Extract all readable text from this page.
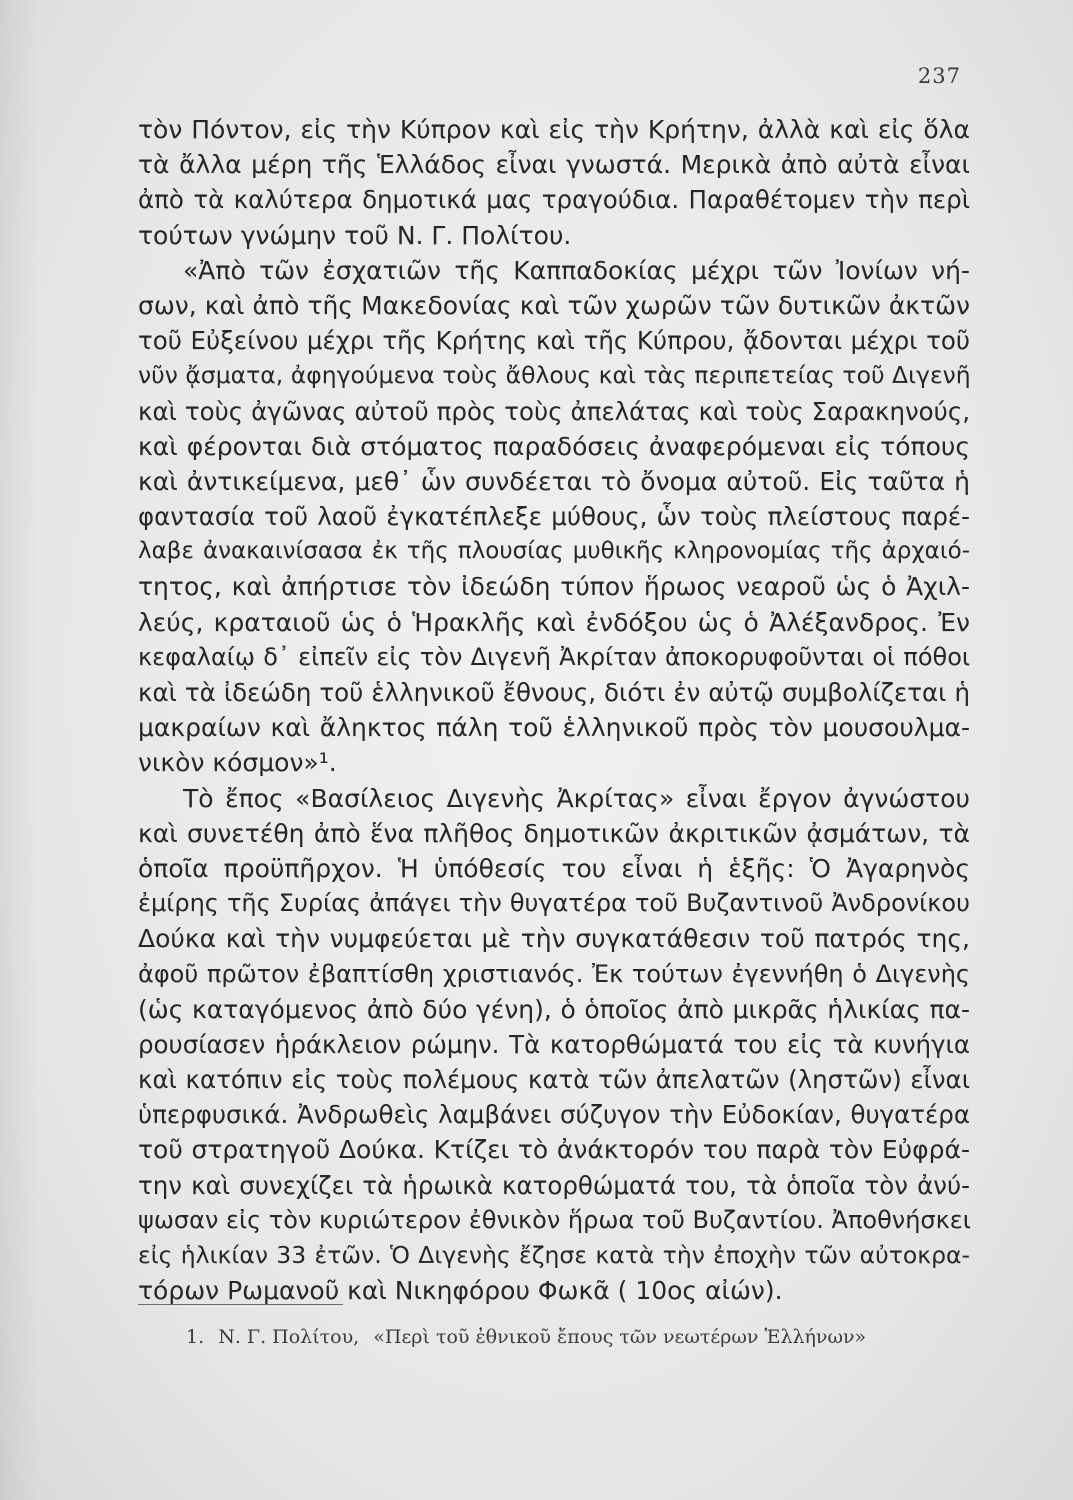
237
τὸν Πόντον, εἰς τὴν Κύπρον καὶ εἰς τὴν Κρήτην, ἀλλὰ καὶ εἰς ὅλα
τὰ ἄλλα μέρη τῆς Ἑλλάδος εἶναι γνωστά. Μερικὰ ἀπὸ αὐτὰ εἶναι
ἀπὸ τὰ καλύτερα δημοτικά μας τραγούδια. Παραθέτομεν τὴν περὶ
τούτων γνώμην τοῦ Ν. Γ. Πολίτου.
«Ἀπὸ τῶν ἐσχατιῶν τῆς Καππαδοκίας μέχρι τῶν Ἰονίων νή-
σων, καὶ ἀπὸ τῆς Μακεδονίας καὶ τῶν χωρῶν τῶν δυτικῶν ἀκτῶν
τοῦ Εὐξείνου μέχρι τῆς Κρήτης καὶ τῆς Κύπρου, ᾄδονται μέχρι τοῦ
νῦν ᾄσματα, ἀφηγούμενα τοὺς ἄθλους καὶ τὰς περιπετείας τοῦ Διγενῆ
καὶ τοὺς ἀγῶνας αὐτοῦ πρὸς τοὺς ἀπελάτας καὶ τοὺς Σαρακηνούς,
καὶ φέρονται διὰ στόματος παραδόσεις ἀναφερόμεναι εἰς τόπους
καὶ ἀντικείμενα, μεθ᾽ ὧν συνδέεται τὸ ὄνομα αὐτοῦ. Εἰς ταῦτα ἡ
φαντασία τοῦ λαοῦ ἐγκατέπλεξε μύθους, ὧν τοὺς πλείστους παρέ-
λαβε ἀνακαινίσασα ἐκ τῆς πλουσίας μυθικῆς κληρονομίας τῆς ἀρχαιό-
τητος, καὶ ἀπήρτισε τὸν ἰδεώδη τύπον ἥρωος νεαροῦ ὡς ὁ Ἀχιλ-
λεύς, κραταιοῦ ὡς ὁ Ἡρακλῆς καὶ ἐνδόξου ὡς ὁ Ἀλέξανδρος. Ἐν
κεφαλαίῳ δ᾽ εἰπεῖν εἰς τὸν Διγενῆ Ἀκρίταν ἀποκορυφοῦνται οἱ πόθοι
καὶ τὰ ἰδεώδη τοῦ ἑλληνικοῦ ἔθνους, διότι ἐν αὐτῷ συμβολίζεται ἡ
μακραίων καὶ ἄληκτος πάλη τοῦ ἑλληνικοῦ πρὸς τὸν μουσουλμα-
νικὸν κόσμον»¹.
Τὸ ἔπος «Βασίλειος Διγενὴς Ἀκρίτας» εἶναι ἔργον ἀγνώστου
καὶ συνετέθη ἀπὸ ἕνα πλῆθος δημοτικῶν ἀκριτικῶν ᾀσμάτων, τὰ
ὁποῖα προϋπῆρχον. Ἡ ὑπόθεσίς του εἶναι ἡ ἑξῆς: Ὁ Ἀγαρηνὸς
ἐμίρης τῆς Συρίας ἀπάγει τὴν θυγατέρα τοῦ Βυζαντινοῦ Ἀνδρονίκου
Δούκα καὶ τὴν νυμφεύεται μὲ τὴν συγκατάθεσιν τοῦ πατρός της,
ἀφοῦ πρῶτον ἐβαπτίσθη χριστιανός. Ἐκ τούτων ἐγεννήθη ὁ Διγενὴς
(ὡς καταγόμενος ἀπὸ δύο γένη), ὁ ὁποῖος ἀπὸ μικρᾶς ἡλικίας πα-
ρουσίασεν ἡράκλειον ρώμην. Τὰ κατορθώματά του εἰς τὰ κυνήγια
καὶ κατόπιν εἰς τοὺς πολέμους κατὰ τῶν ἀπελατῶν (ληστῶν) εἶναι
ὑπερφυσικά. Ἀνδρωθεὶς λαμβάνει σύζυγον τὴν Εὐδοκίαν, θυγατέρα
τοῦ στρατηγοῦ Δούκα. Κτίζει τὸ ἀνάκτορόν του παρὰ τὸν Εὐφρά-
την καὶ συνεχίζει τὰ ἡρωικὰ κατορθώματά του, τὰ ὁποῖα τὸν ἀνύ-
ψωσαν εἰς τὸν κυριώτερον ἐθνικὸν ἥρωα τοῦ Βυζαντίου. Ἀποθνήσκει
εἰς ἡλικίαν 33 ἐτῶν. Ὁ Διγενὴς ἔζησε κατὰ τὴν ἐποχὴν τῶν αὐτοκρα-
τόρων Ρωμανοῦ καὶ Νικηφόρου Φωκᾶ ( 10ος αἰών).
1. Ν. Γ. Πολίτου, «Περὶ τοῦ ἐθνικοῦ ἔπους τῶν νεωτέρων Ἑλλήνων»
